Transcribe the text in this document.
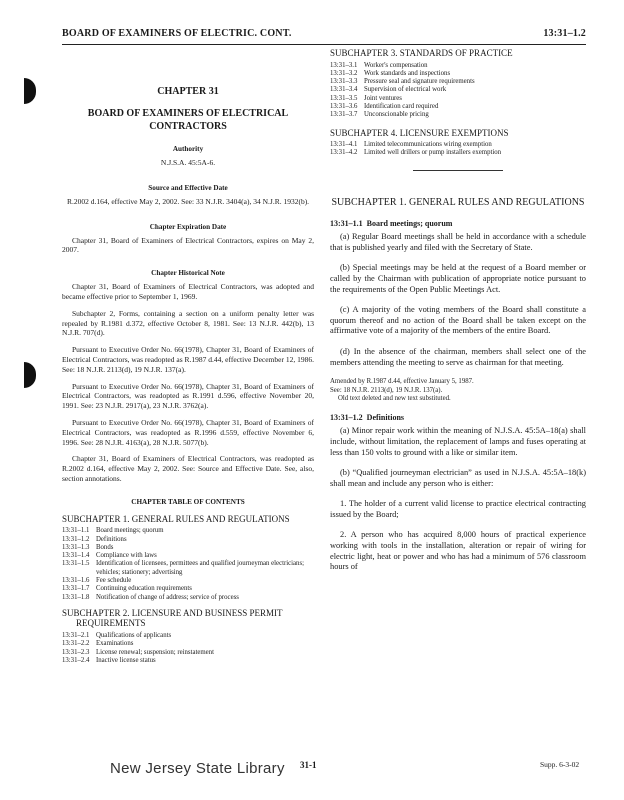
BOARD OF EXAMINERS OF ELECTRIC. CONT.	13:31–1.2
CHAPTER 31
BOARD OF EXAMINERS OF ELECTRICAL CONTRACTORS
Authority
N.J.S.A. 45:5A-6.
Source and Effective Date
R.2002 d.164, effective May 2, 2002. See: 33 N.J.R. 3404(a), 34 N.J.R. 1932(b).
Chapter Expiration Date

Chapter 31, Board of Examiners of Electrical Contractors, expires on May 2, 2007.

Chapter Historical Note

Chapter 31, Board of Examiners of Electrical Contractors, was adopted and became effective prior to September 1, 1969.

Subchapter 2, Forms, containing a section on a uniform penalty letter was repealed by R.1981 d.372, effective October 8, 1981. See: 13 N.J.R. 442(b), 13 N.J.R. 707(d).

Pursuant to Executive Order No. 66(1978), Chapter 31, Board of Examiners of Electrical Contractors, was readopted as R.1987 d.44, effective December 12, 1986. See: 18 N.J.R. 2113(d), 19 N.J.R. 137(a).

Pursuant to Executive Order No. 66(1978), Chapter 31, Board of Examiners of Electrical Contractors, was readopted as R.1991 d.596, effective November 20, 1991. See: 23 N.J.R. 2917(a), 23 N.J.R. 3762(a).

Pursuant to Executive Order No. 66(1978), Chapter 31, Board of Examiners of Electrical Contractors, was readopted as R.1996 d.559, effective November 6, 1996. See: 28 N.J.R. 4163(a), 28 N.J.R. 5077(b).

Chapter 31, Board of Examiners of Electrical Contractors, was readopted as R.2002 d.164, effective May 2, 2002. See: Source and Effective Date. See, also, section annotations.

CHAPTER TABLE OF CONTENTS
SUBCHAPTER 1. GENERAL RULES AND REGULATIONS
13:31–1.1 Board meetings; quorum
13:31–1.2 Definitions
13:31–1.3 Bonds
13:31–1.4 Compliance with laws
13:31–1.5 Identification of licensees, permittees and qualified journeyman electricians; vehicles; stationery; advertising
13:31–1.6 Fee schedule
13:31–1.7 Continuing education requirements
13:31–1.8 Notification of change of address; service of process
SUBCHAPTER 2. LICENSURE AND BUSINESS PERMIT REQUIREMENTS
13:31–2.1 Qualifications of applicants
13:31–2.2 Examinations
13:31–2.3 License renewal; suspension; reinstatement
13:31–2.4 Inactive license status
SUBCHAPTER 3. STANDARDS OF PRACTICE
13:31–3.1 Worker's compensation
13:31–3.2 Work standards and inspections
13:31–3.3 Pressure seal and signature requirements
13:31–3.4 Supervision of electrical work
13:31–3.5 Joint ventures
13:31–3.6 Identification card required
13:31–3.7 Unconscionable pricing
SUBCHAPTER 4. LICENSURE EXEMPTIONS
13:31–4.1 Limited telecommunications wiring exemption
13:31–4.2 Limited well drillers or pump installers exemption
SUBCHAPTER 1. GENERAL RULES AND REGULATIONS
13:31–1.1 Board meetings; quorum

(a) Regular Board meetings shall be held in accordance with a schedule that is published yearly and filed with the Secretary of State.

(b) Special meetings may be held at the request of a Board member or called by the Chairman with publication of appropriate notice pursuant to the requirements of the Open Public Meetings Act.

(c) A majority of the voting members of the Board shall constitute a quorum thereof and no action of the Board shall be taken except on the affirmative vote of a majority of the members of the entire Board.

(d) In the absence of the chairman, members shall select one of the members attending the meeting to serve as chairman for that meeting.

Amended by R.1987 d.44, effective January 5, 1987.
See: 18 N.J.R. 2113(d), 19 N.J.R. 137(a).
Old text deleted and new text substituted.
13:31–1.2 Definitions

(a) Minor repair work within the meaning of N.J.S.A. 45:5A–18(a) shall include, without limitation, the replacement of lamps and fuses operating at less than 150 volts to ground with a like or similar item.

(b) “Qualified journeyman electrician” as used in N.J.S.A. 45:5A–18(k) shall mean and include any person who is either:

1. The holder of a current valid license to practice electrical contracting issued by the Board;

2. A person who has acquired 8,000 hours of practical experience working with tools in the installation, alteration or repair of wiring for electric light, heat or power and who has had a minimum of 576 classroom hours of

New Jersey State Library 31-1	Supp. 6-3-02
